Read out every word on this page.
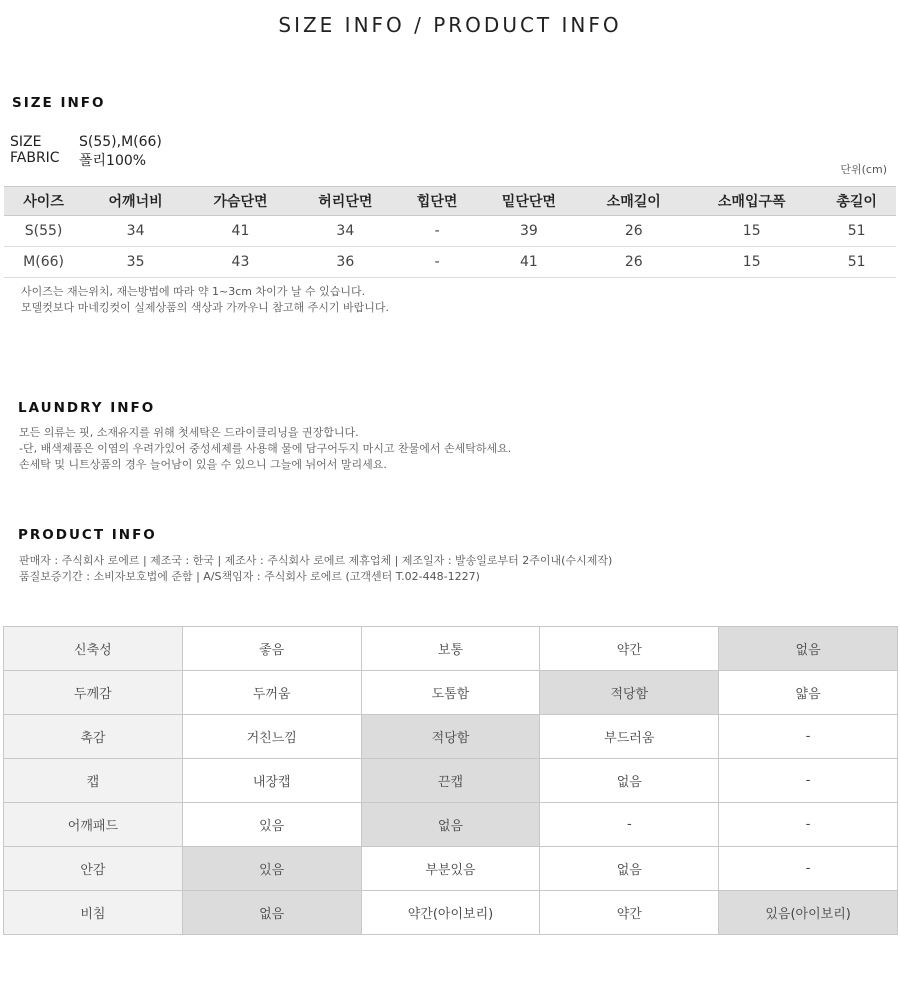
SIZE INFO / PRODUCT INFO
SIZE INFO
SIZE	S(55),M(66)
FABRIC	폴리100%
단위(cm)
사이즈	어깨너비	가슴단면	허리단면	힙단면	밑단단면	소매길이	소매입구폭	총길이
S(55)	34	41	34	-	39	26	15	51
M(66)	35	43	36	-	41	26	15	51
사이즈는 재는위치, 재는방법에 따라 약 1~3cm 차이가 날 수 있습니다.
모델컷보다 마네킹컷이 실제상품의 색상과 가까우니 참고해 주시기 바랍니다.
LAUNDRY INFO
모든 의류는 핏, 소재유지를 위해 첫세탁은 드라이클리닝을 권장합니다.
-단, 배색제품은 이염의 우려가있어 중성세제를 사용해 물에 담구어두지 마시고 찬물에서 손세탁하세요.
손세탁 및 니트상품의 경우 늘어남이 있을 수 있으니 그늘에 뉘어서 말리세요.
PRODUCT INFO
판매자 : 주식회사 로에르 | 제조국 : 한국 | 제조사 : 주식회사 로에르 제휴업체 | 제조일자 : 발송일로부터 2주이내(수시제작)
품질보증기간 : 소비자보호법에 준함 | A/S책임자 : 주식회사 로에르 (고객센터 T.02-448-1227)
신축성	좋음	보통	약간	없음
두께감	두꺼움	도톰함	적당함	얇음
촉감	거친느낌	적당함	부드러움	-
캡	내장캡	끈캡	없음	-
어깨패드	있음	없음	-	-
안감	있음	부분있음	없음	-
비침	없음	약간(아이보리)	약간	있음(아이보리)
